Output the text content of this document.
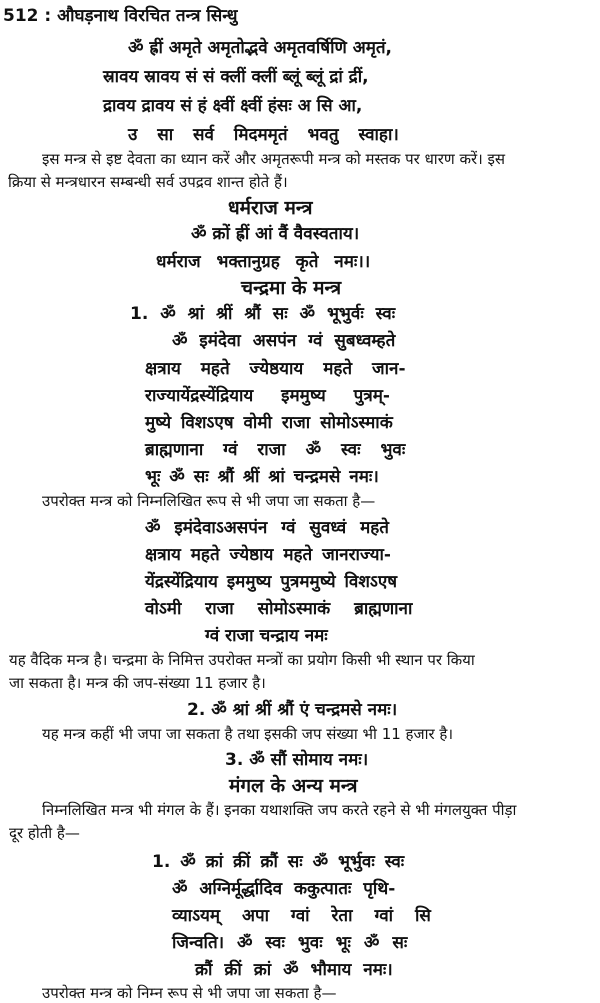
512 : औघड़नाथ विरचित तन्त्र सिन्धु
ॐ ह्रीं अमृते अमृतोद्भवे अमृतवर्षिणि अमृतं,
स्रावय स्रावय सं सं क्लीं क्लीं ब्लूं ब्लूं द्रां द्रीं,
द्रावय द्रावय सं हं क्ष्वीं क्ष्वीं हंसः अ सि आ,
उ सा सर्व मिदममृतं भवतु स्वाहा।
इस मन्त्र से इष्ट देवता का ध्यान करें और अमृतरूपी मन्त्र को मस्तक पर धारण करें। इस
क्रिया से मन्त्रधारन सम्बन्धी सर्व उपद्रव शान्त होते हैं।
धर्मराज मन्त्र
ॐ क्रों ह्रीं आं वैं वैवस्वताय।
धर्मराज भक्तानुग्रह कृते नमः।।
चन्द्रमा के मन्त्र
1. ॐ श्रां श्रीं श्रौं सः ॐ भूभुर्वः स्वः
ॐ इमंदेवा असपंन ग्वं सुबध्वम्हते
क्षत्राय महते ज्येष्ठयाय महते जान-
राज्यायेंद्रस्येंद्रियाय इममुष्य पुत्रम्-
मुष्ये विशऽएष वोमी राजा सोमोऽस्माकं
ब्राह्मणाना ग्वं राजा ॐ स्वः भुवः
भूः ॐ सः श्रौं श्रीं श्रां चन्द्रमसे नमः।
उपरोक्त मन्त्र को निम्नलिखित रूप से भी जपा जा सकता है—
ॐ इमंदेवाऽअसपंन ग्वं सुवध्वं महते
क्षत्राय महते ज्येष्ठाय महते जानराज्या-
येंद्रस्येंद्रियाय इममुष्य पुत्रममुष्ये विशऽएष
वोऽमी राजा सोमोऽस्माकं ब्राह्मणाना
ग्वं राजा चन्द्राय नमः
यह वैदिक मन्त्र है। चन्द्रमा के निमित्त उपरोक्त मन्त्रों का प्रयोग किसी भी स्थान पर किया
जा सकता है। मन्त्र की जप-संख्या 11 हजार है।
2. ॐ श्रां श्रीं श्रौं एं चन्द्रमसे नमः।
यह मन्त्र कहीं भी जपा जा सकता है तथा इसकी जप संख्या भी 11 हजार है।
3. ॐ सौं सोमाय नमः।
मंगल के अन्य मन्त्र
निम्नलिखित मन्त्र भी मंगल के हैं। इनका यथाशक्ति जप करते रहने से भी मंगलयुक्त पीड़ा
दूर होती है—
1. ॐ क्रां क्रीं क्रौं सः ॐ भूर्भुवः स्वः
ॐ अग्निर्मूर्द्धादिव ककुत्पातः पृथि-
व्याऽयम् अपा ग्वां रेता ग्वां सि
जिन्वति। ॐ स्वः भुवः भूः ॐ सः
क्रौं क्रीं क्रां ॐ भौमाय नमः।
उपरोक्त मन्त्र को निम्न रूप से भी जपा जा सकता है—
